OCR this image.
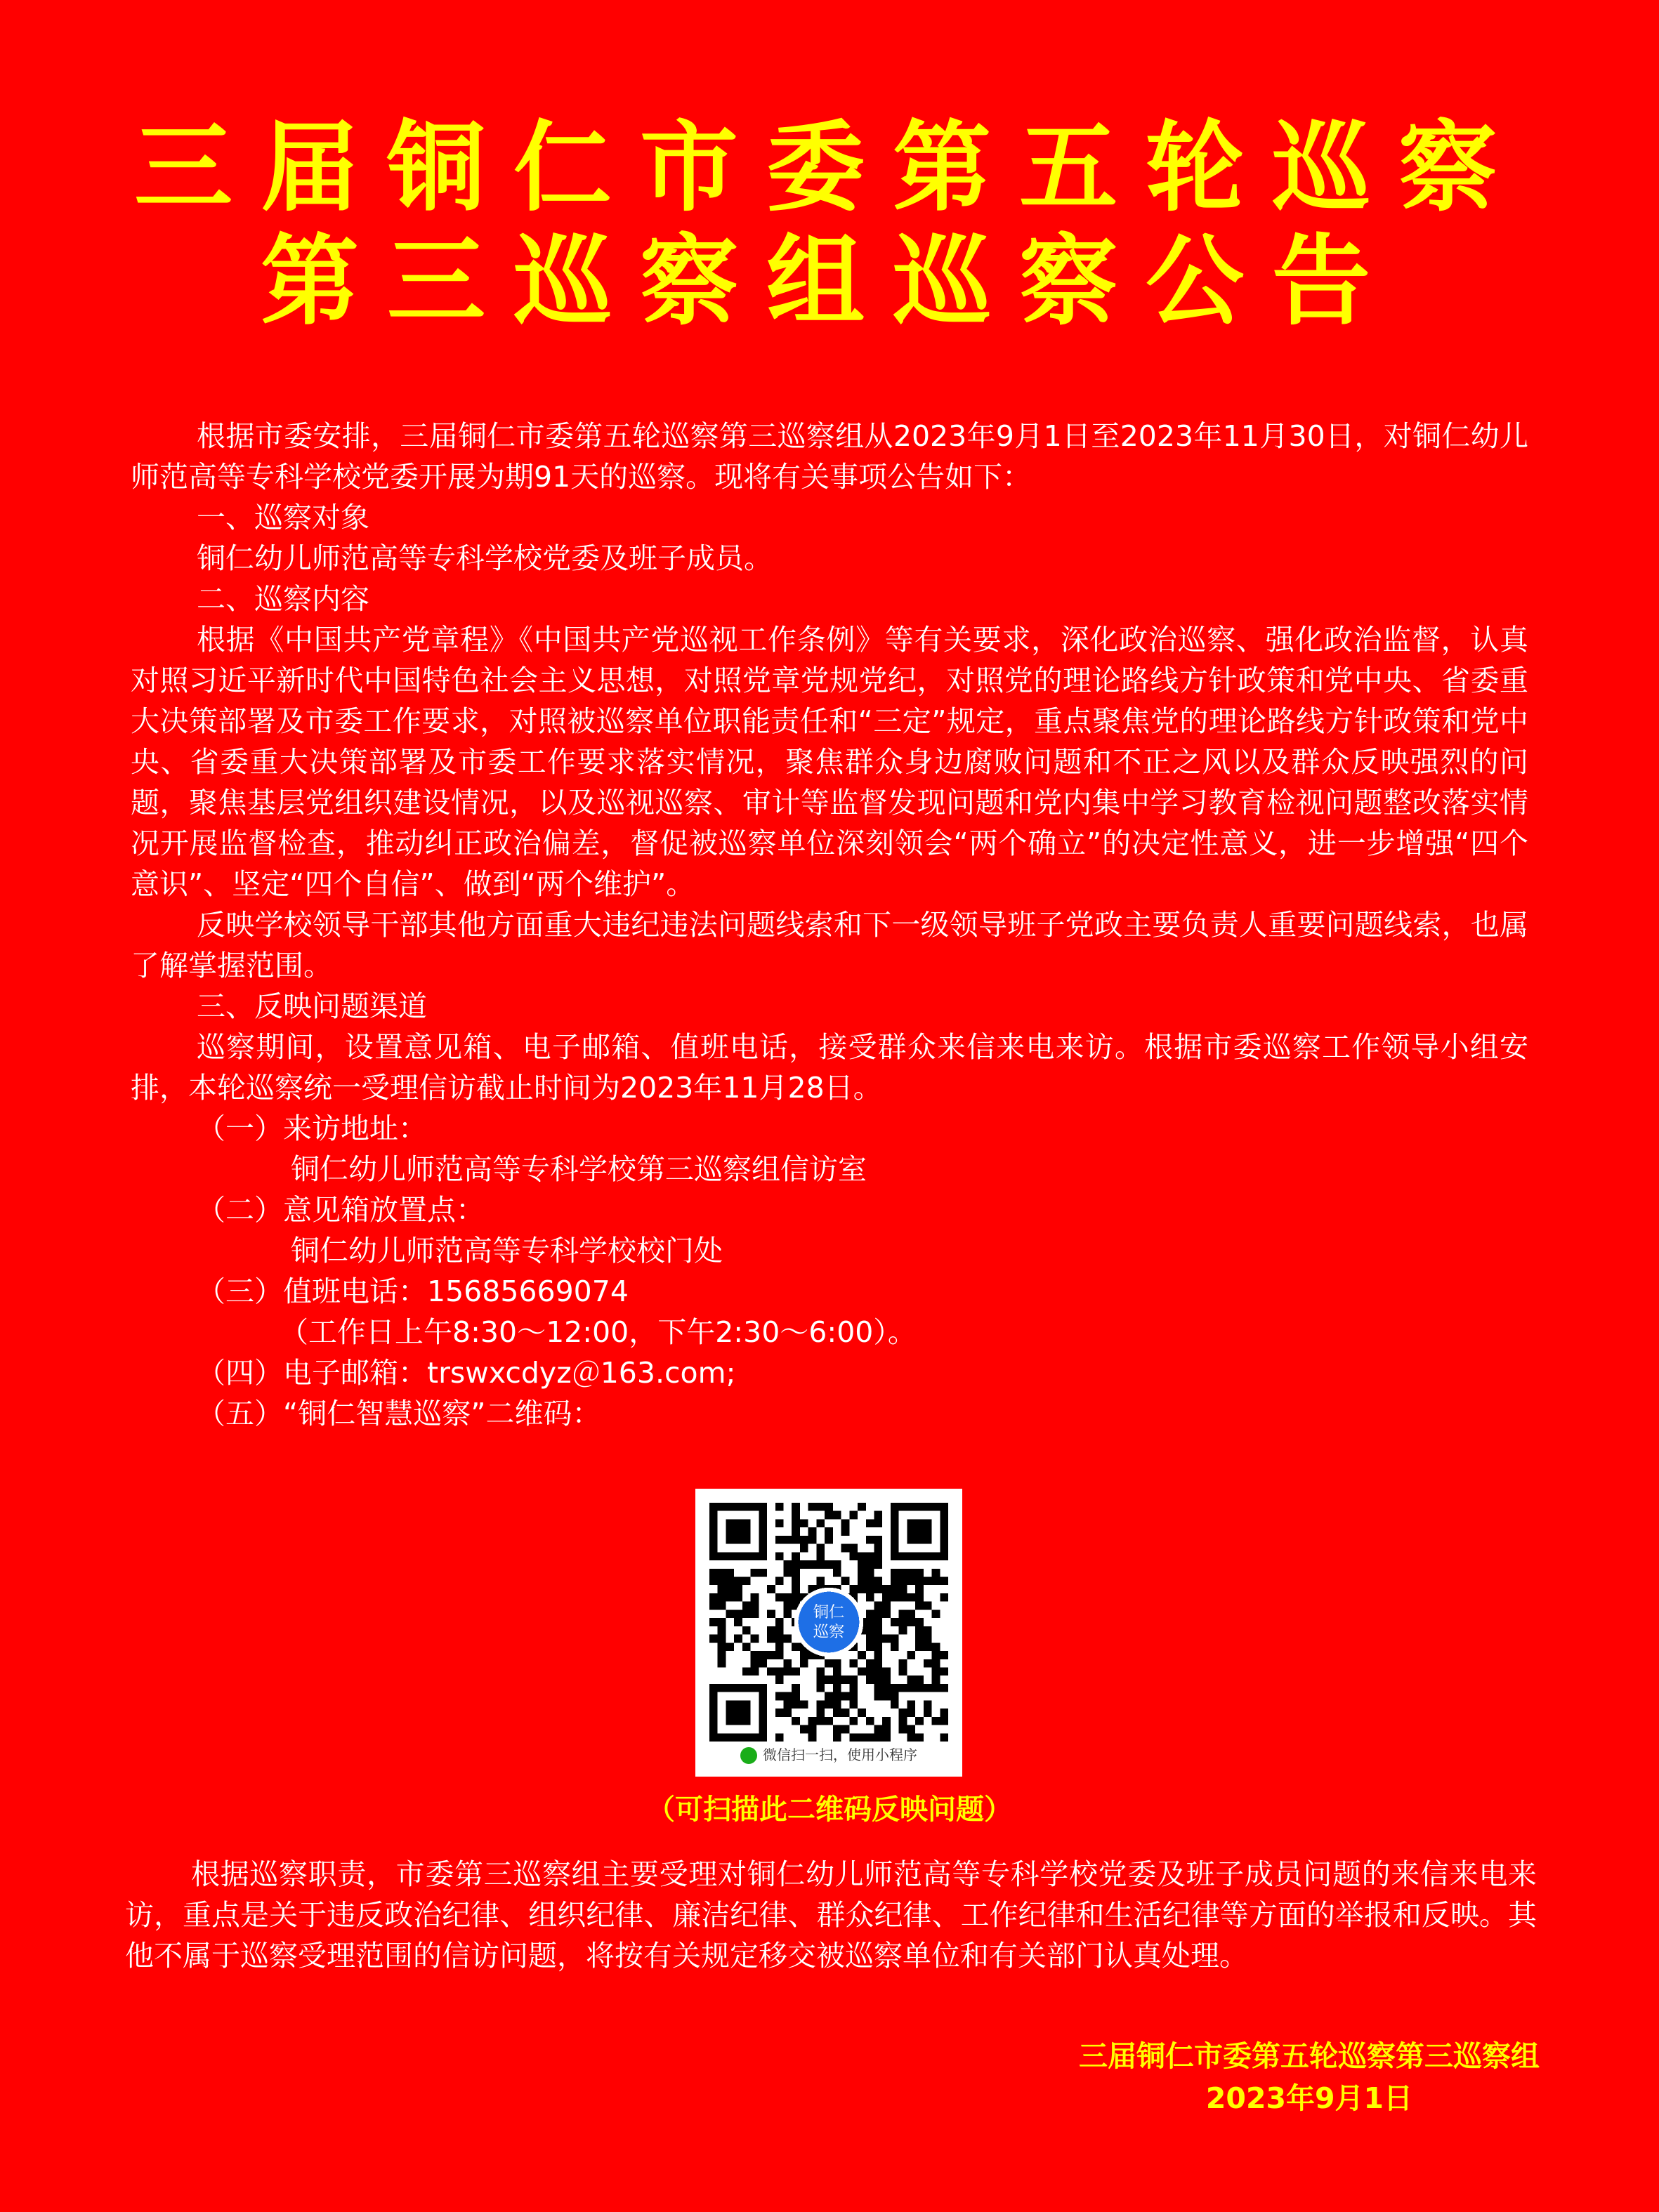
三届铜仁市委第五轮巡察
第三巡察组巡察公告

根据市委安排，三届铜仁市委第五轮巡察第三巡察组从2023年9月1日至2023年11月30日，对铜仁幼儿师范高等专科学校党委开展为期91天的巡察。现将有关事项公告如下：

一、巡察对象

铜仁幼儿师范高等专科学校党委及班子成员。

二、巡察内容

根据《中国共产党章程》《中国共产党巡视工作条例》等有关要求，深化政治巡察、强化政治监督，认真对照习近平新时代中国特色社会主义思想，对照党章党规党纪，对照党的理论路线方针政策和党中央、省委重大决策部署及市委工作要求，对照被巡察单位职能责任和“三定”规定，重点聚焦党的理论路线方针政策和党中央、省委重大决策部署及市委工作要求落实情况，聚焦群众身边腐败问题和不正之风以及群众反映强烈的问题，聚焦基层党组织建设情况，以及巡视巡察、审计等监督发现问题和党内集中学习教育检视问题整改落实情况开展监督检查，推动纠正政治偏差，督促被巡察单位深刻领会“两个确立”的决定性意义，进一步增强“四个意识”、坚定“四个自信”、做到“两个维护”。

反映学校领导干部其他方面重大违纪违法问题线索和下一级领导班子党政主要负责人重要问题线索，也属了解掌握范围。

三、反映问题渠道

巡察期间，设置意见箱、电子邮箱、值班电话，接受群众来信来电来访。根据市委巡察工作领导小组安排，本轮巡察统一受理信访截止时间为2023年11月28日。

（一）来访地址：

铜仁幼儿师范高等专科学校第三巡察组信访室

（二）意见箱放置点：

铜仁幼儿师范高等专科学校校门处

（三）值班电话：15685669074

（工作日上午8:30～12:00，下午2:30～6:00）。

（四）电子邮箱：trswxcdyz＠163.com;

（五）“铜仁智慧巡察”二维码：

铜仁
巡察
微信扫一扫，使用小程序
（可扫描此二维码反映问题）

根据巡察职责，市委第三巡察组主要受理对铜仁幼儿师范高等专科学校党委及班子成员问题的来信来电来访，重点是关于违反政治纪律、组织纪律、廉洁纪律、群众纪律、工作纪律和生活纪律等方面的举报和反映。其他不属于巡察受理范围的信访问题，将按有关规定移交被巡察单位和有关部门认真处理。

三届铜仁市委第五轮巡察第三巡察组
2023年9月1日
